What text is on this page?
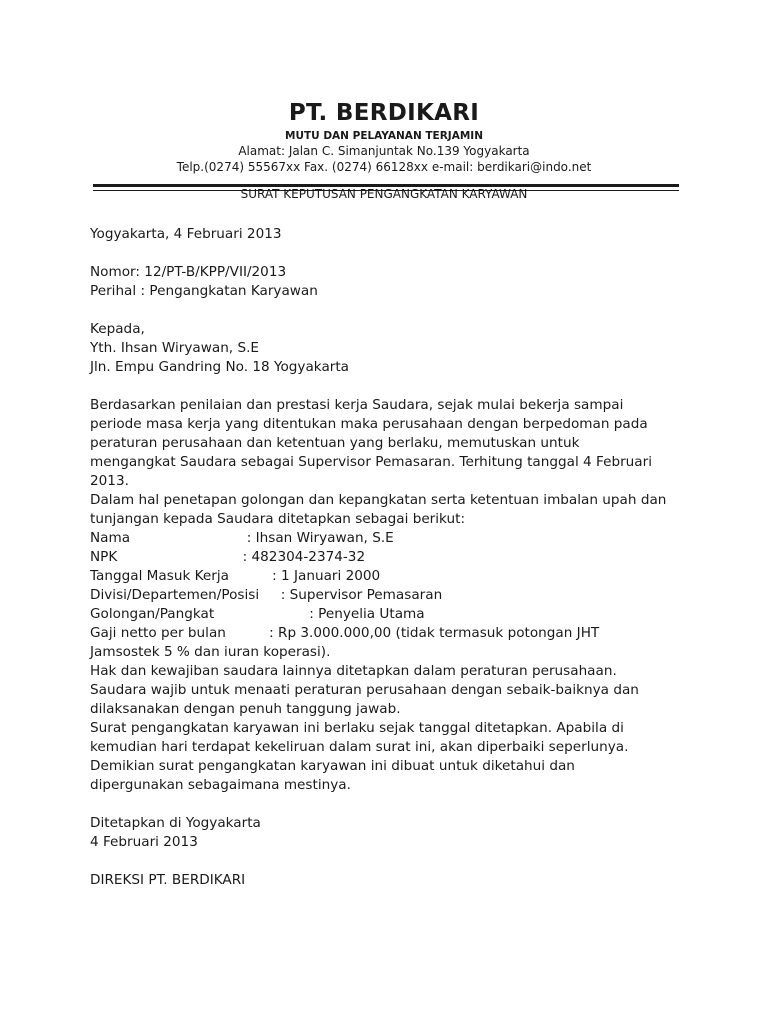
PT. BERDIKARI
MUTU DAN PELAYANAN TERJAMIN
Alamat: Jalan C. Simanjuntak No.139 Yogyakarta
Telp.(0274) 55567xx Fax. (0274) 66128xx e-mail: berdikari@indo.net
SURAT KEPUTUSAN PENGANGKATAN KARYAWAN
Yogyakarta, 4 Februari 2013
Nomor: 12/PT-B/KPP/VII/2013
Perihal : Pengangkatan Karyawan
Kepada,
Yth. Ihsan Wiryawan, S.E
Jln. Empu Gandring No. 18 Yogyakarta
Berdasarkan penilaian dan prestasi kerja Saudara, sejak mulai bekerja sampai
periode masa kerja yang ditentukan maka perusahaan dengan berpedoman pada
peraturan perusahaan dan ketentuan yang berlaku, memutuskan untuk
mengangkat Saudara sebagai Supervisor Pemasaran. Terhitung tanggal 4 Februari
2013.
Dalam hal penetapan golongan dan kepangkatan serta ketentuan imbalan upah dan
tunjangan kepada Saudara ditetapkan sebagai berikut:
Nama                           : Ihsan Wiryawan, S.E
NPK                             : 482304-2374-32
Tanggal Masuk Kerja          : 1 Januari 2000
Divisi/Departemen/Posisi     : Supervisor Pemasaran
Golongan/Pangkat                      : Penyelia Utama
Gaji netto per bulan          : Rp 3.000.000,00 (tidak termasuk potongan JHT
Jamsostek 5 % dan iuran koperasi).
Hak dan kewajiban saudara lainnya ditetapkan dalam peraturan perusahaan.
Saudara wajib untuk menaati peraturan perusahaan dengan sebaik-baiknya dan
dilaksanakan dengan penuh tanggung jawab.
Surat pengangkatan karyawan ini berlaku sejak tanggal ditetapkan. Apabila di
kemudian hari terdapat kekeliruan dalam surat ini, akan diperbaiki seperlunya.
Demikian surat pengangkatan karyawan ini dibuat untuk diketahui dan
dipergunakan sebagaimana mestinya.
Ditetapkan di Yogyakarta
4 Februari 2013
DIREKSI PT. BERDIKARI
